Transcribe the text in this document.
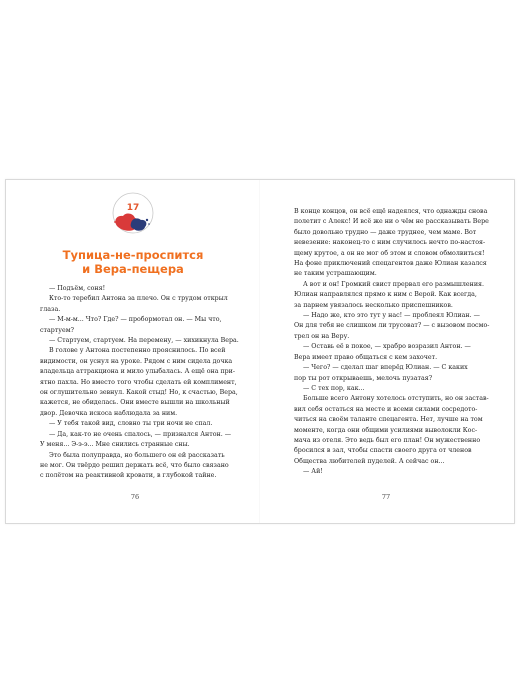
17
Тупица-не-проспится
и Вера-пещера
— Подъём, соня!
Кто-то теребил Антона за плечо. Он с трудом открыл
глаза.
— М-м-м... Что? Где? — пробормотал он. — Мы что,
стартуем?
— Стартуем, стартуем. На перемену, — хихикнула Вера.
В голове у Антона постепенно прояснилось. По всей
видимости, он уснул на уроке. Рядом с ним сидела дочка
владельца аттракциона и мило улыбалась. А ещё она при-
ятно пахла. Но вместо того чтобы сделать ей комплимент,
он оглушительно зевнул. Какой стыд! Но, к счастью, Вера,
кажется, не обиделась. Они вместе вышли на школьный
двор. Девочка искоса наблюдала за ним.
— У тебя такой вид, словно ты три ночи не спал.
— Да, как-то не очень спалось, — признался Антон. —
У меня... Э-э-э... Мне снились странные сны.
Это была полуправда, но большего он ей рассказать
не мог. Он твёрдо решил держать всё, что было связано
с полётом на реактивной кровати, в глубокой тайне.
76
В конце концов, он всё ещё надеялся, что однажды снова
полетит с Алекс! И всё же ни о чём не рассказывать Вере
было довольно трудно — даже труднее, чем маме. Вот
невезение: наконец-то с ним случилось нечто по-настоя-
щему крутое, а он не мог об этом и словом обмолвиться!
На фоне приключений спецагентов даже Юлиан казался
не таким устрашающим.
А вот и он! Громкий свист прервал его размышления.
Юлиан направлялся прямо к ним с Верой. Как всегда,
за парнем увязалось несколько приспешников.
— Надо же, кто это тут у нас! — проблеял Юлиан. —
Он для тебя не слишком ли трусоват? — с вызовом посмо-
трел он на Веру.
— Оставь её в покое, — храбро возразил Антон. —
Вера имеет право общаться с кем захочет.
— Чего? — сделал шаг вперёд Юлиан. — С каких
пор ты рот открываешь, мелочь пузатая?
— С тех пор, как...
Больше всего Антону хотелось отступить, но он застав-
вил себя остаться на месте и всеми силами сосредото-
читься на своём таланте спецагента. Нет, лучше на том
моменте, когда они общими усилиями выволокли Кос-
мача из отеля. Это ведь был его план! Он мужественно
бросился в зал, чтобы спасти своего друга от членов
Общества любителей пуделей. А сейчас он...
— Ай!
77
